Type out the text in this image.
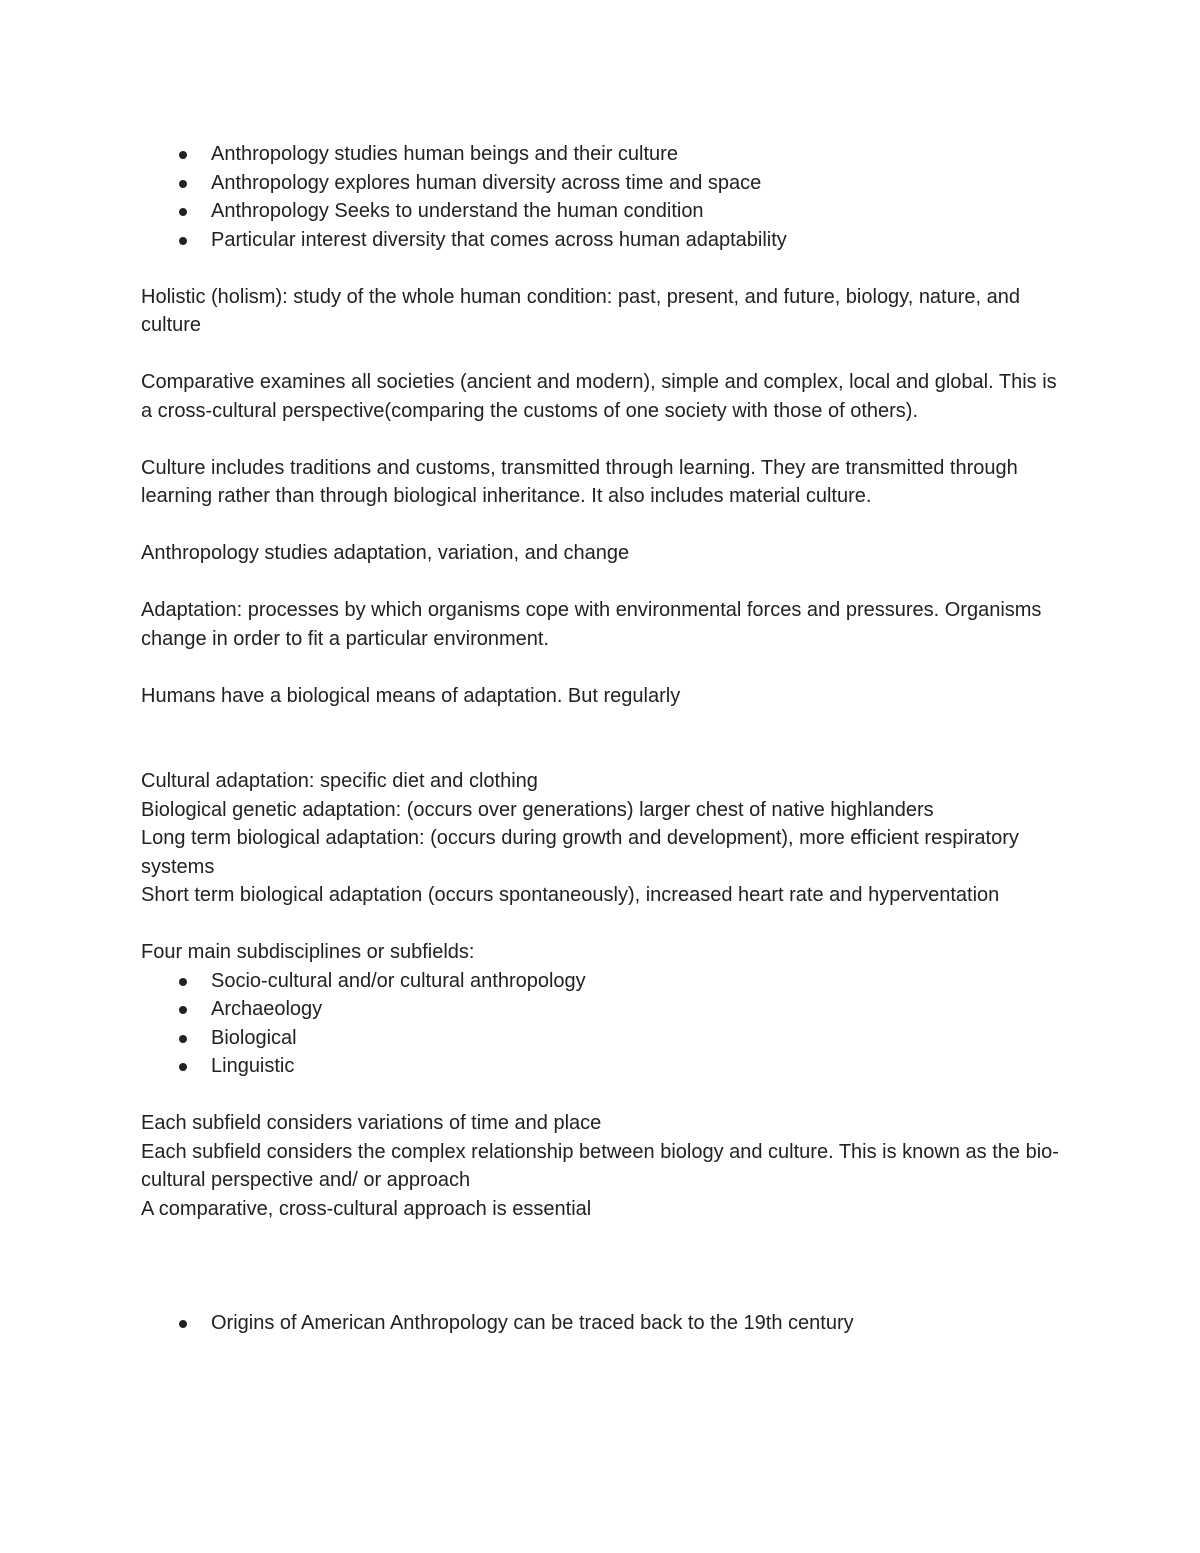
Anthropology studies human beings and their culture
Anthropology explores human diversity across time and space
Anthropology Seeks to understand the human condition
Particular interest diversity that comes across human adaptability

Holistic (holism): study of the whole human condition: past, present, and future, biology, nature, and culture

Comparative examines all societies (ancient and modern), simple and complex, local and global. This is a cross-cultural perspective(comparing the customs of one society with those of others).

Culture includes traditions and customs, transmitted through learning. They are transmitted through learning rather than through biological inheritance. It also includes material culture.

Anthropology studies adaptation, variation, and change

Adaptation: processes by which organisms cope with environmental forces and pressures. Organisms change in order to fit a particular environment.

Humans have a biological means of adaptation. But regularly

Cultural adaptation: specific diet and clothing

Biological genetic adaptation: (occurs over generations) larger chest of native highlanders

Long term biological adaptation: (occurs during growth and development), more efficient respiratory systems

Short term biological adaptation (occurs spontaneously), increased heart rate and hyperventation

Four main subdisciplines or subfields:

Socio-cultural and/or cultural anthropology
Archaeology
Biological
Linguistic

Each subfield considers variations of time and place

Each subfield considers the complex relationship between biology and culture. This is known as the bio-cultural perspective and/ or approach

A comparative, cross-cultural approach is essential

Origins of American Anthropology can be traced back to the 19th century
